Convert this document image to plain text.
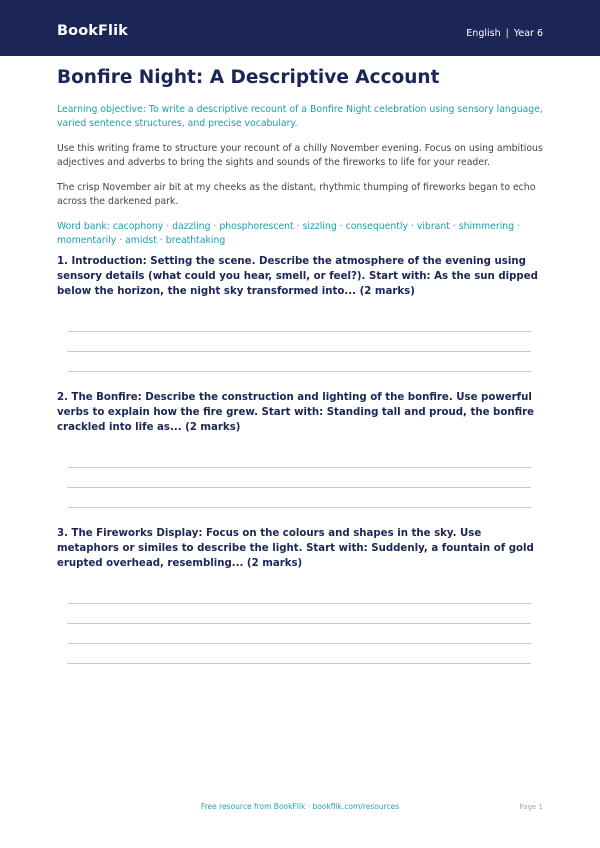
BookFlik	English | Year 6
Bonfire Night: A Descriptive Account

Learning objective: To write a descriptive recount of a Bonfire Night celebration using sensory language, varied sentence structures, and precise vocabulary.

Use this writing frame to structure your recount of a chilly November evening. Focus on using ambitious adjectives and adverbs to bring the sights and sounds of the fireworks to life for your reader.

The crisp November air bit at my cheeks as the distant, rhythmic thumping of fireworks began to echo across the darkened park.

Word bank: cacophony · dazzling · phosphorescent · sizzling · consequently · vibrant · shimmering · momentarily · amidst · breathtaking

1. Introduction: Setting the scene. Describe the atmosphere of the evening using sensory details (what could you hear, smell, or feel?). Start with: As the sun dipped below the horizon, the night sky transformed into... (2 marks)

2. The Bonfire: Describe the construction and lighting of the bonfire. Use powerful verbs to explain how the fire grew. Start with: Standing tall and proud, the bonfire crackled into life as... (2 marks)

3. The Fireworks Display: Focus on the colours and shapes in the sky. Use metaphors or similes to describe the light. Start with: Suddenly, a fountain of gold erupted overhead, resembling... (2 marks)

Free resource from BookFlik · bookflik.com/resources	Page 1
